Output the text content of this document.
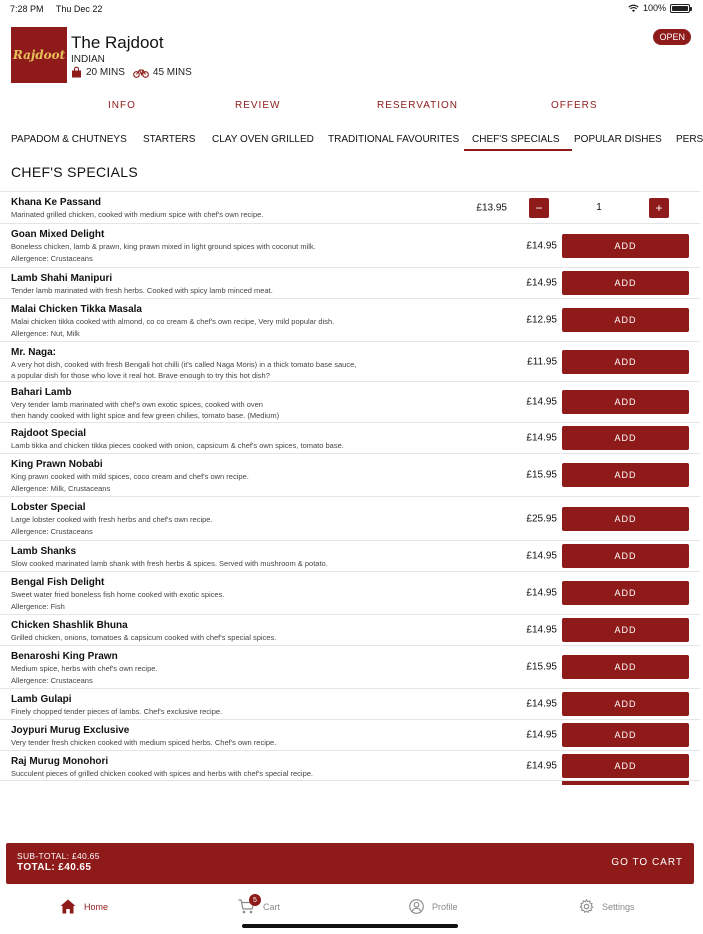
7:28 PM Thu Dec 22	100%
Rajdoot
The Rajdoot
INDIAN
20 MINS	45 MINS
OPEN
INFO	REVIEW	RESERVATION	OFFERS
PAPADOM & CHUTNEYS STARTERS CLAY OVEN GRILLED TRADITIONAL FAVOURITES CHEF'S SPECIALS POPULAR DISHES PERS
CHEF'S SPECIALS
Khana Ke Passand
Marinated grilled chicken, cooked with medium spice with chef's own recipe.
£13.95	−	1	+
Goan Mixed Delight
Boneless chicken, lamb & prawn, king prawn mixed in light ground spices with coconut milk.
Allergence: Crustaceans
£14.95	ADD
Lamb Shahi Manipuri
Tender lamb marinated with fresh herbs. Cooked with spicy lamb minced meat.
£14.95	ADD
Malai Chicken Tikka Masala
Malai chicken tikka cooked with almond, co co cream & chef's own recipe, Very mild popular dish.
Allergence: Nut, Milk
£12.95	ADD
Mr. Naga:
A very hot dish, cooked with fresh Bengali hot chilli (it's called Naga Moris) in a thick tomato base sauce,
a popular dish for those who love it real hot. Brave enough to try this hot dish?
£11.95	ADD
Bahari Lamb
Very tender lamb marinated with chef's own exotic spices, cooked with oven
then handy cooked with light spice and few green chilies, tomato base. (Medium)
£14.95	ADD
Rajdoot Special
Lamb tikka and chicken tikka pieces cooked with onion, capsicum & chef's own spices, tomato base.
£14.95	ADD
King Prawn Nobabi
King prawn cooked with mild spices, coco cream and chef's own recipe.
Allergence: Milk, Crustaceans
£15.95	ADD
Lobster Special
Large lobster cooked with fresh herbs and chef's own recipe.
Allergence: Crustaceans
£25.95	ADD
Lamb Shanks
Slow cooked marinated lamb shank with fresh herbs & spices. Served with mushroom & potato.
£14.95	ADD
Bengal Fish Delight
Sweet water fried boneless fish home cooked with exotic spices.
Allergence: Fish
£14.95	ADD
Chicken Shashlik Bhuna
Grilled chicken, onions, tomatoes & capsicum cooked with chef's special spices.
£14.95	ADD
Benaroshi King Prawn
Medium spice, herbs with chef's own recipe.
Allergence: Crustaceans
£15.95	ADD
Lamb Gulapi
Finely chopped tender pieces of lambs. Chef's exclusive recipe.
£14.95	ADD
Joypuri Murug Exclusive
Very tender fresh chicken cooked with medium spiced herbs. Chef's own recipe.
£14.95	ADD
Raj Murug Monohori
Succulent pieces of grilled chicken cooked with spices and herbs with chef's special recipe.
£14.95	ADD
SUB-TOTAL: £40.65
TOTAL: £40.65	GO TO CART
Home
5
Cart	Profile	Settings
